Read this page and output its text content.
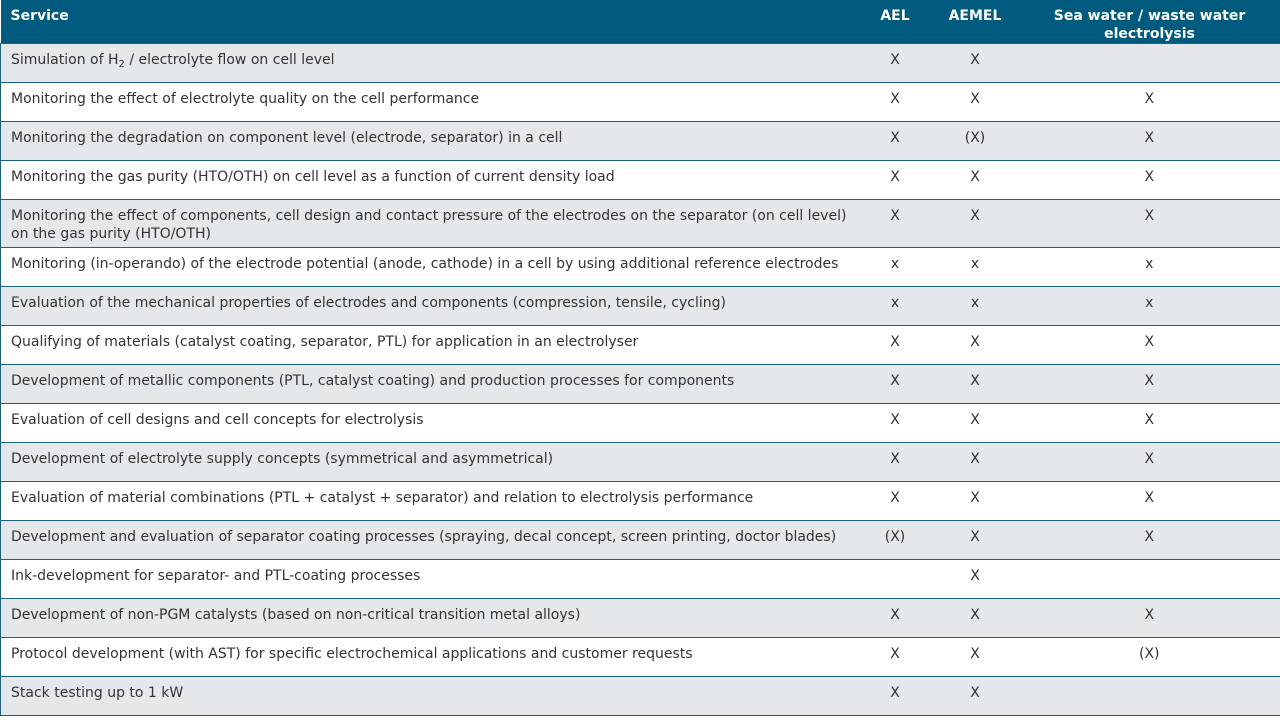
Service	AEL	AEMEL	Sea water / waste water electrolysis
Simulation of $H_2$ / electrolyte flow on cell level	X	X	
Monitoring the effect of electrolyte quality on the cell performance	X	X	X
Monitoring the degradation on component level (electrode, separator) in a cell	X	(X)	X
Monitoring the gas purity (HTO/OTH) on cell level as a function of current density load	X	X	X
Monitoring the effect of components, cell design and contact pressure of the electrodes on the separator (on cell level) on the gas purity (HTO/OTH)	X	X	X
Monitoring (in-operando) of the electrode potential (anode, cathode) in a cell by using additional reference electrodes	x	x	x
Evaluation of the mechanical properties of electrodes and components (compression, tensile, cycling)	x	x	x
Qualifying of materials (catalyst coating, separator, PTL) for application in an electrolyser	X	X	X
Development of metallic components (PTL, catalyst coating) and production processes for components	X	X	X
Evaluation of cell designs and cell concepts for electrolysis	X	X	X
Development of electrolyte supply concepts (symmetrical and asymmetrical)	X	X	X
Evaluation of material combinations (PTL + catalyst + separator) and relation to electrolysis performance	X	X	X
Development and evaluation of separator coating processes (spraying, decal concept, screen printing, doctor blades)	(X)	X	X
Ink-development for separator- and PTL-coating processes		X	
Development of non-PGM catalysts (based on non-critical transition metal alloys)	X	X	X
Protocol development (with AST) for specific electrochemical applications and customer requests	X	X	(X)
Stack testing up to 1 kW	X	X	
